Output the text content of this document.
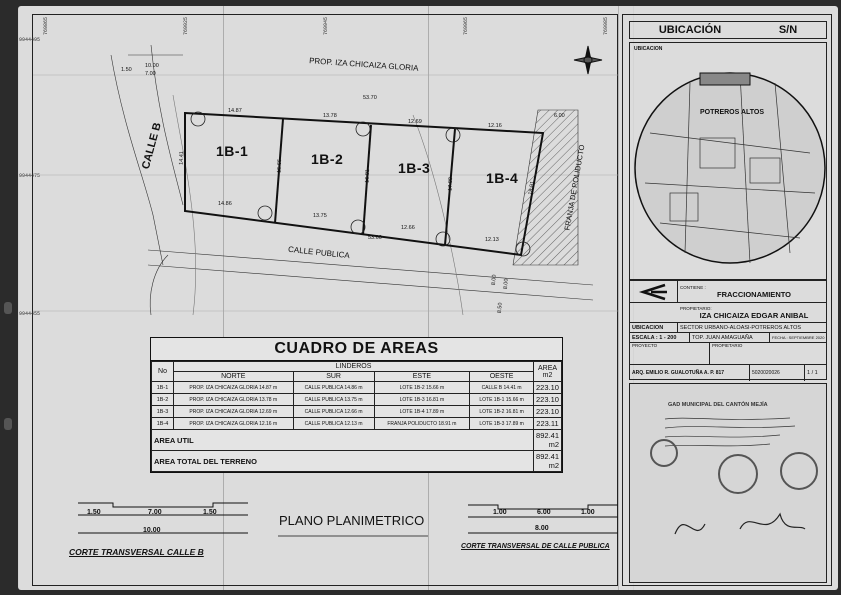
769865	769925	769945	769965	769985
9944495
9944475
9944455
PROP. IZA CHICAIZA GLORIA
CALLE B
CALLE PUBLICA
FRANJA DE POLIDUCTO
1B-1	1B-2
1B-3
1B-4
14.87
13.78
12.69
12.16
53.70
14.86
13.75
12.66
12.13
53.60
14.41
15.66
16.81
17.89	18.91
10.00
7.00
1.50
6.00
8.00 8.00
8.50
CUADRO DE AREAS
No	LINDEROS				AREA m2
	NORTE	SUR	ESTE	OESTE	
1B-1	PROP. IZA CHICAIZA GLORIA 14.87 m	CALLE PUBLICA 14.86 m	LOTE 1B-2 15.66 m	CALLE B 14.41 m	223.10
1B-2	PROP. IZA CHICAIZA GLORIA 13.78 m	CALLE PUBLICA 13.75 m	LOTE 1B-3 16.81 m	LOTE 1B-1 15.66 m	223.10
1B-3	PROP. IZA CHICAIZA GLORIA 12.69 m	CALLE PUBLICA 12.66 m	LOTE 1B-4 17.89 m	LOTE 1B-2 16.81 m	223.10
1B-4	PROP. IZA CHICAIZA GLORIA 12.16 m	CALLE PUBLICA 12.13 m	FRANJA POLIDUCTO 18.91 m	LOTE 1B-3 17.89 m	223.11
AREA UTIL					892.41 m2
AREA TOTAL DEL TERRENO					892.41 m2
1.50	7.00	1.50
10.00
CORTE TRANSVERSAL CALLE B
PLANO PLANIMETRICO
1.00	6.00	1.00
8.00
CORTE TRANSVERSAL DE CALLE PUBLICA
UBICACIÓN	S/N
UBICACION
POTREROS ALTOS
CONTIENE :
FRACCIONAMIENTO
PROPIETARIO:
IZA CHICAIZA EDGAR ANIBAL
UBICACION	SECTOR URBANO-ALOASI-POTREROS ALTOS
ESCALA : 1 - 200	TOP. JUAN AMAGUAÑA	FECHA : SEPTIEMBRE 2020
PROYECTO	PROPIETARIO
ARQ. EMILIO R. GUALOTUÑA A. P. 817	5020020026	1 / 1
GAD MUNICIPAL DEL CANTÓN MEJÍA
